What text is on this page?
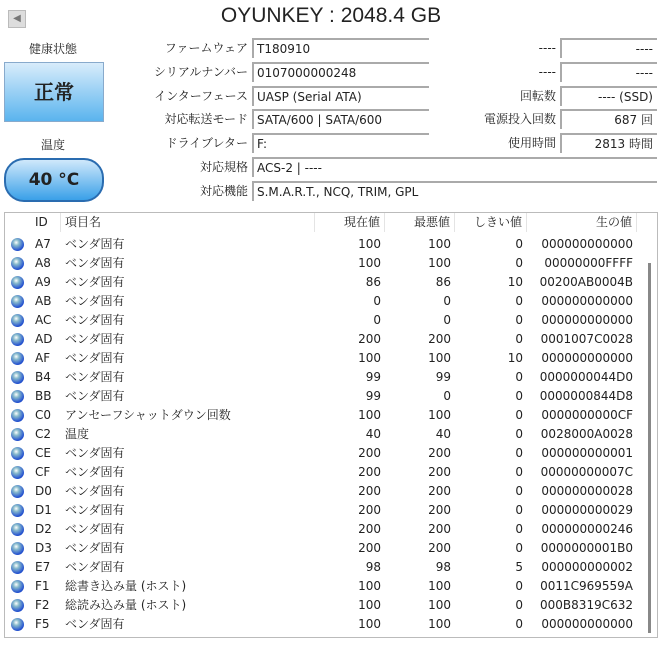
◀	OYUNKEY : 2048.4 GB
健康状態
正常
温度
40 °C
ファームウェア T180910
シリアルナンバー 0107000000248
インターフェース UASP (Serial ATA)
対応転送モード SATA/600 | SATA/600
ドライブレター F:
対応規格 ACS-2 | ----
対応機能 S.M.A.R.T., NCQ, TRIM, GPL
----	----
----	----
回転数	---- (SSD)
電源投入回数	687 回
使用時間	2813 時間
ID	項目名	現在値	最悪値	しきい値	生の値
A7	ベンダ固有	100	100	0	000000000000
A8	ベンダ固有	100	100	0	00000000FFFF
A9	ベンダ固有	86	86	10	00200AB0004B
AB	ベンダ固有	0	0	0	000000000000
AC	ベンダ固有	0	0	0	000000000000
AD	ベンダ固有	200	200	0	0001007C0028
AF	ベンダ固有	100	100	10	000000000000
B4	ベンダ固有	99	99	0	0000000044D0
BB	ベンダ固有	99	0	0	0000000844D8
C0	アンセーフシャットダウン回数	100	100	0	0000000000CF
C2	温度	40	40	0	0028000A0028
CE	ベンダ固有	200	200	0	000000000001
CF	ベンダ固有	200	200	0	00000000007C
D0	ベンダ固有	200	200	0	000000000028
D1	ベンダ固有	200	200	0	000000000029
D2	ベンダ固有	200	200	0	000000000246
D3	ベンダ固有	200	200	0	0000000001B0
E7	ベンダ固有	98	98	5	000000000002
F1	総書き込み量 (ホスト)	100	100	0	0011C969559A
F2	総読み込み量 (ホスト)	100	100	0	000B8319C632
F5	ベンダ固有	100	100	0	000000000000
